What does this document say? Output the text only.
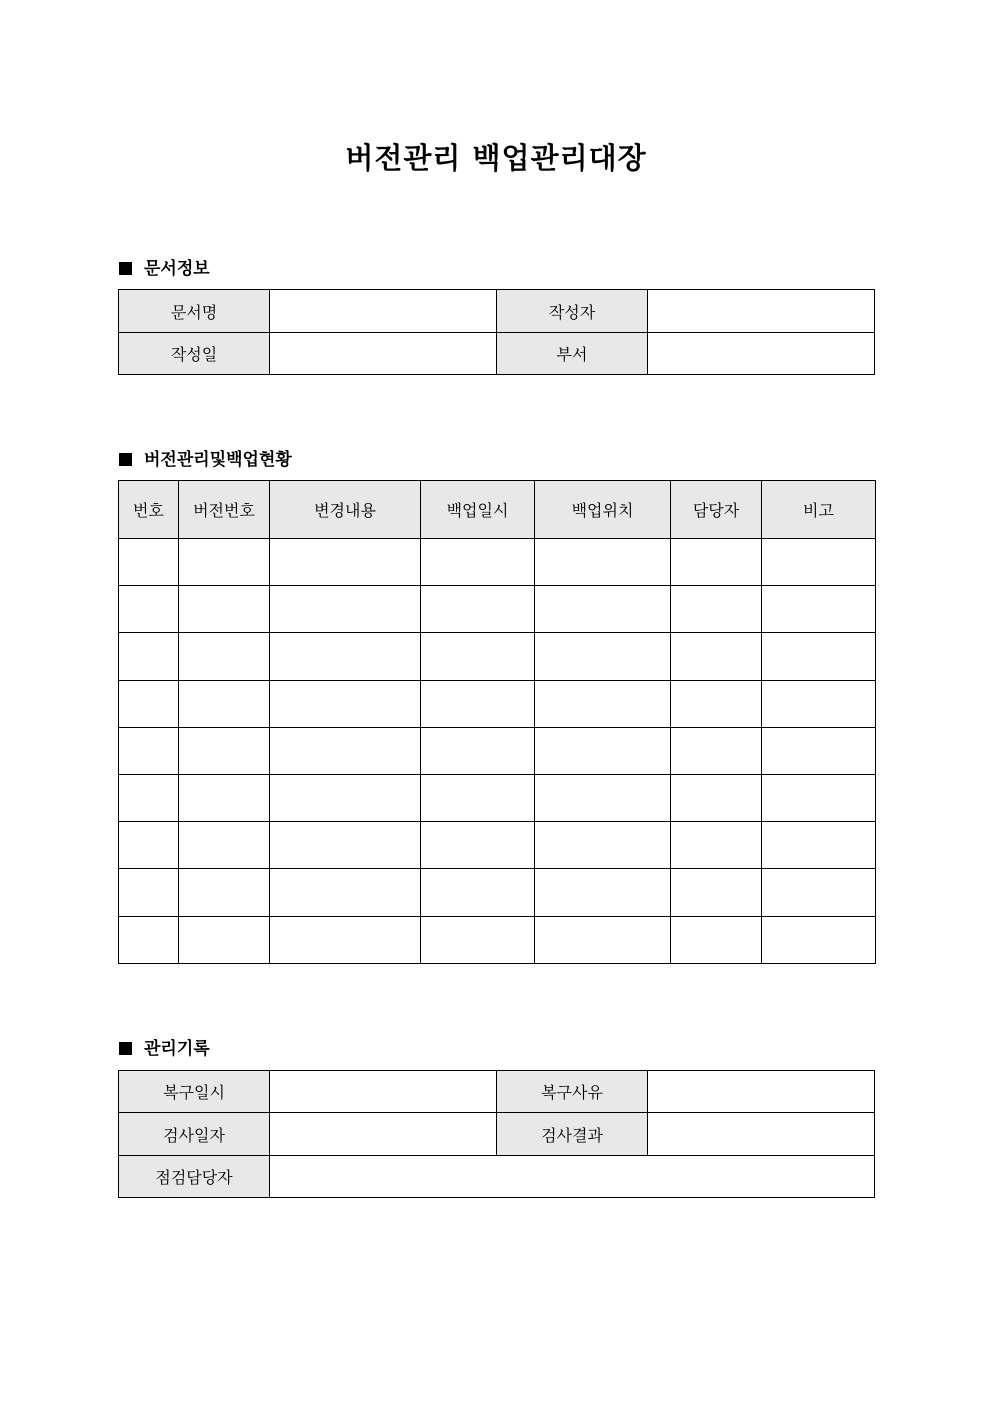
버전관리 백업관리대장
문서정보
문서명		작성자	
작성일		부서	
버전관리및백업현황
번호	버전번호	변경내용	백업일시	백업위치	담당자	비고

관리기록
복구일시		복구사유	
검사일자		검사결과	
점검담당자			
